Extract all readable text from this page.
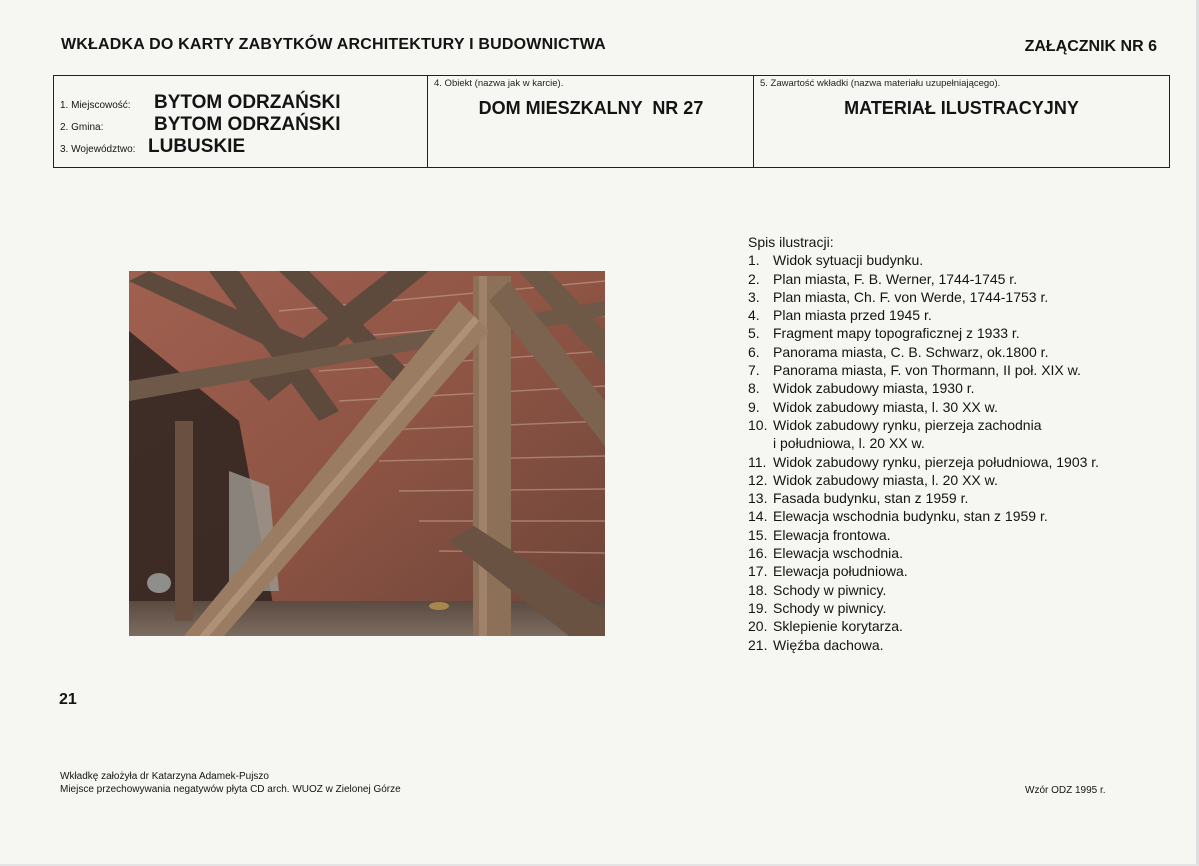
WKŁADKA DO KARTY ZABYTKÓW ARCHITEKTURY I BUDOWNICTWA	ZAŁĄCZNIK NR 6
1. Miejscowość: BYTOM ODRZAŃSKI
2. Gmina:	BYTOM ODRZAŃSKI
3. Województwo: LUBUSKIE
4. Obiekt (nazwa jak w karcie).
DOM MIESZKALNY  NR 27
5. Zawartość wkładki (nazwa materiału uzupełniającego).
MATERIAŁ ILUSTRACYJNY
Spis ilustracji:
1. Widok sytuacji budynku.
2. Plan miasta, F. B. Werner, 1744-1745 r.
3. Plan miasta, Ch. F. von Werde, 1744-1753 r.
4. Plan miasta przed 1945 r.
5. Fragment mapy topograficznej z 1933 r.
6. Panorama miasta, C. B. Schwarz, ok.1800 r.
7. Panorama miasta, F. von Thormann, II poł. XIX w.
8. Widok zabudowy miasta, 1930 r.
9. Widok zabudowy miasta, l. 30 XX w.
10. Widok zabudowy rynku, pierzeja zachodnia
i południowa, l. 20 XX w.
11. Widok zabudowy rynku, pierzeja południowa, 1903 r.
12. Widok zabudowy miasta, l. 20 XX w.
13. Fasada budynku, stan z 1959 r.
14. Elewacja wschodnia budynku, stan z 1959 r.
15. Elewacja frontowa.
16. Elewacja wschodnia.
17. Elewacja południowa.
18. Schody w piwnicy.
19. Schody w piwnicy.
20. Sklepienie korytarza.
21. Więźba dachowa.
21
Wkładkę założyła dr Katarzyna Adamek-Pujszo
Miejsce przechowywania negatywów płyta CD arch. WUOZ w Zielonej Górze	Wzór ODZ 1995 r.
